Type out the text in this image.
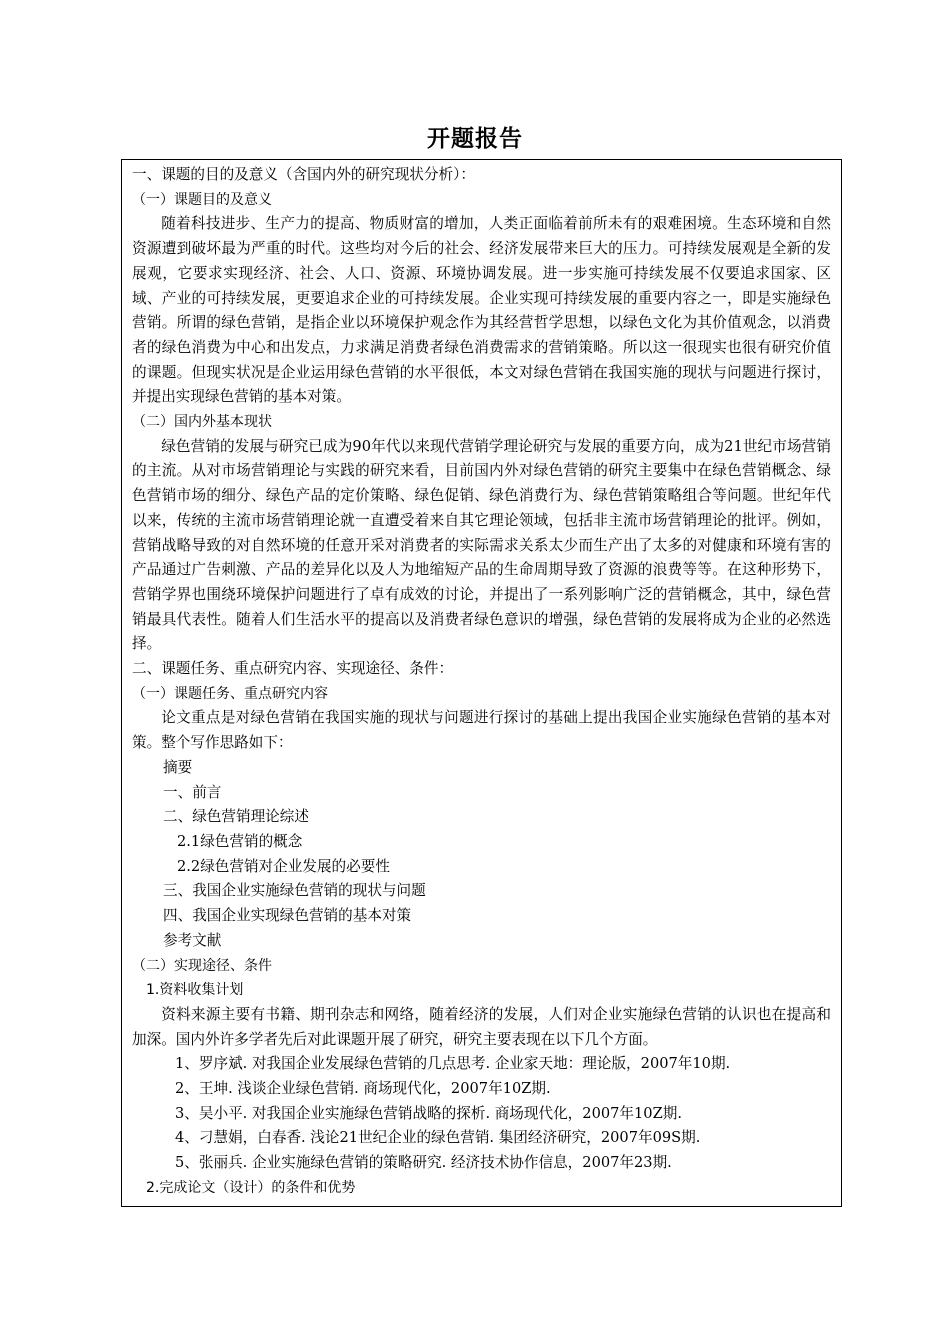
开题报告

一、课题的目的及意义（含国内外的研究现状分析）：

（一）课题目的及意义

随着科技进步、生产力的提高、物质财富的增加，人类正面临着前所未有的艰难困境。生态环境和自然资源遭到破坏最为严重的时代。这些均对今后的社会、经济发展带来巨大的压力。可持续发展观是全新的发展观，它要求实现经济、社会、人口、资源、环境协调发展。进一步实施可持续发展不仅要追求国家、区域、产业的可持续发展，更要追求企业的可持续发展。企业实现可持续发展的重要内容之一，即是实施绿色营销。所谓的绿色营销，是指企业以环境保护观念作为其经营哲学思想，以绿色文化为其价值观念，以消费者的绿色消费为中心和出发点，力求满足消费者绿色消费需求的营销策略。所以这一很现实也很有研究价值的课题。但现实状况是企业运用绿色营销的水平很低，本文对绿色营销在我国实施的现状与问题进行探讨，并提出实现绿色营销的基本对策。

（二）国内外基本现状

绿色营销的发展与研究已成为90年代以来现代营销学理论研究与发展的重要方向，成为21世纪市场营销的主流。从对市场营销理论与实践的研究来看，目前国内外对绿色营销的研究主要集中在绿色营销概念、绿色营销市场的细分、绿色产品的定价策略、绿色促销、绿色消费行为、绿色营销策略组合等问题。世纪年代以来，传统的主流市场营销理论就一直遭受着来自其它理论领域，包括非主流市场营销理论的批评。例如，营销战略导致的对自然环境的任意开采对消费者的实际需求关系太少而生产出了太多的对健康和环境有害的产品通过广告刺激、产品的差异化以及人为地缩短产品的生命周期导致了资源的浪费等等。在这种形势下，营销学界也围绕环境保护问题进行了卓有成效的讨论，并提出了一系列影响广泛的营销概念，其中，绿色营销最具代表性。随着人们生活水平的提高以及消费者绿色意识的增强，绿色营销的发展将成为企业的必然选择。

二、课题任务、重点研究内容、实现途径、条件：

（一）课题任务、重点研究内容

论文重点是对绿色营销在我国实施的现状与问题进行探讨的基础上提出我国企业实施绿色营销的基本对策。整个写作思路如下：

摘要

一、前言

二、绿色营销理论综述

2.1绿色营销的概念

2.2绿色营销对企业发展的必要性

三、我国企业实施绿色营销的现状与问题

四、我国企业实现绿色营销的基本对策

参考文献

（二）实现途径、条件

1.资料收集计划

资料来源主要有书籍、期刊杂志和网络，随着经济的发展，人们对企业实施绿色营销的认识也在提高和加深。国内外许多学者先后对此课题开展了研究，研究主要表现在以下几个方面。

1、罗序斌. 对我国企业发展绿色营销的几点思考. 企业家天地：理论版，2007年10期.

2、王坤. 浅谈企业绿色营销. 商场现代化，2007年10Z期.

3、吴小平. 对我国企业实施绿色营销战略的探析. 商场现代化，2007年10Z期.

4、刁慧娟，白春香. 浅论21世纪企业的绿色营销. 集团经济研究，2007年09S期.

5、张丽兵. 企业实施绿色营销的策略研究. 经济技术协作信息，2007年23期.

2.完成论文（设计）的条件和优势
